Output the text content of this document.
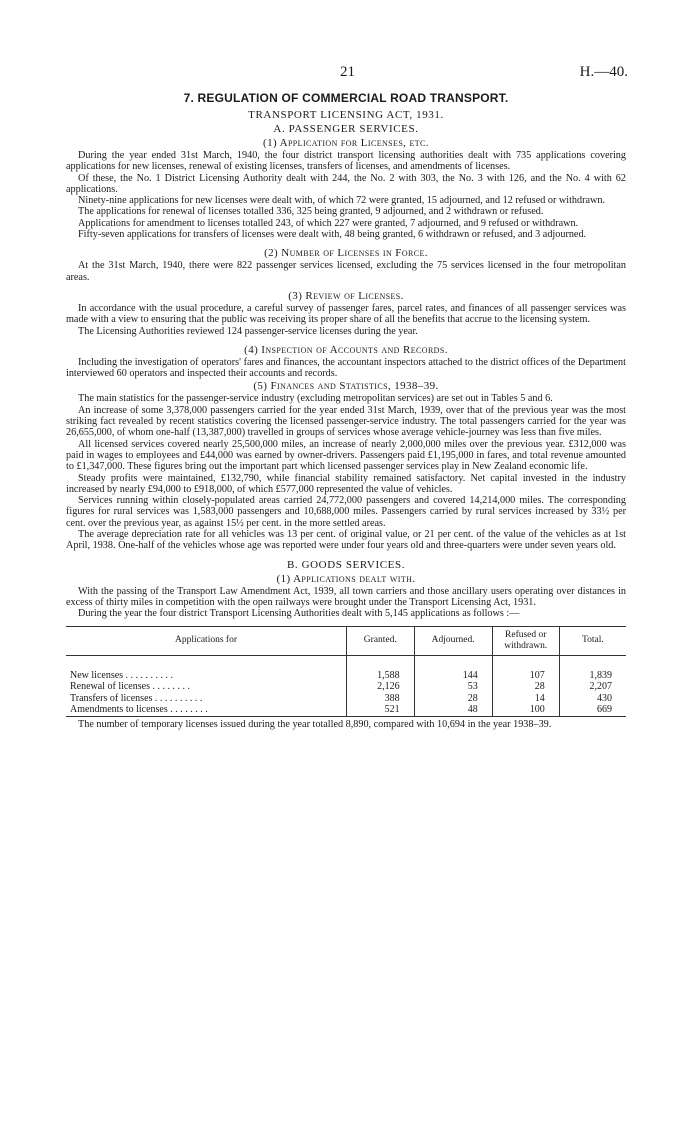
21	H.—40.
7. REGULATION OF COMMERCIAL ROAD TRANSPORT.
TRANSPORT LICENSING ACT, 1931.
A. PASSENGER SERVICES.
(1) Application for Licenses, etc.

During the year ended 31st March, 1940, the four district transport licensing authorities dealt with 735 applications covering applications for new licenses, renewal of existing licenses, transfers of licenses, and amendments of licenses.

Of these, the No. 1 District Licensing Authority dealt with 244, the No. 2 with 303, the No. 3 with 126, and the No. 4 with 62 applications.

Ninety-nine applications for new licenses were dealt with, of which 72 were granted, 15 adjourned, and 12 refused or withdrawn.

The applications for renewal of licenses totalled 336, 325 being granted, 9 adjourned, and 2 withdrawn or refused.

Applications for amendment to licenses totalled 243, of which 227 were granted, 7 adjourned, and 9 refused or withdrawn.

Fifty-seven applications for transfers of licenses were dealt with, 48 being granted, 6 withdrawn or refused, and 3 adjourned.

(2) Number of Licenses in Force.

At the 31st March, 1940, there were 822 passenger services licensed, excluding the 75 services licensed in the four metropolitan areas.

(3) Review of Licenses.

In accordance with the usual procedure, a careful survey of passenger fares, parcel rates, and finances of all passenger services was made with a view to ensuring that the public was receiving its proper share of all the benefits that accrue to the licensing system.

The Licensing Authorities reviewed 124 passenger-service licenses during the year.

(4) Inspection of Accounts and Records.

Including the investigation of operators' fares and finances, the accountant inspectors attached to the district offices of the Department interviewed 60 operators and inspected their accounts and records.

(5) Finances and Statistics, 1938–39.

The main statistics for the passenger-service industry (excluding metropolitan services) are set out in Tables 5 and 6.

An increase of some 3,378,000 passengers carried for the year ended 31st March, 1939, over that of the previous year was the most striking fact revealed by recent statistics covering the licensed passenger-service industry. The total passengers carried for the year was 26,655,000, of whom one-half (13,387,000) travelled in groups of services whose average vehicle-journey was less than five miles.

All licensed services covered nearly 25,500,000 miles, an increase of nearly 2,000,000 miles over the previous year. £312,000 was paid in wages to employees and £44,000 was earned by owner-drivers. Passengers paid £1,195,000 in fares, and total revenue amounted to £1,347,000. These figures bring out the important part which licensed passenger services play in New Zealand economic life.

Steady profits were maintained, £132,790, while financial stability remained satisfactory. Net capital invested in the industry increased by nearly £94,000 to £918,000, of which £577,000 represented the value of vehicles.

Services running within closely-populated areas carried 24,772,000 passengers and covered 14,214,000 miles. The corresponding figures for rural services was 1,583,000 passengers and 10,688,000 miles. Passengers carried by rural services increased by 33½ per cent. over the previous year, as against 15½ per cent. in the more settled areas.

The average depreciation rate for all vehicles was 13 per cent. of original value, or 21 per cent. of the value of the vehicles as at 1st April, 1938. One-half of the vehicles whose age was reported were under four years old and three-quarters were under seven years old.

B. GOODS SERVICES.
(1) Applications dealt with.

With the passing of the Transport Law Amendment Act, 1939, all town carriers and those ancillary users operating over distances in excess of thirty miles in competition with the open railways were brought under the Transport Licensing Act, 1931.

During the year the four district Transport Licensing Authorities dealt with 5,145 applications as follows :—

Applications for	Granted.	Adjourned.	Refused or withdrawn.	Total.
New licenses . . . . . . . . . .	1,588	144	107	1,839
Renewal of licenses . . . . . . . .	2,126	53	28	2,207
Transfers of licenses . . . . . . . . . .	388	28	14	430
Amendments to licenses . . . . . . . .	521	48	100	669

The number of temporary licenses issued during the year totalled 8,890, compared with 10,694 in the year 1938–39.
